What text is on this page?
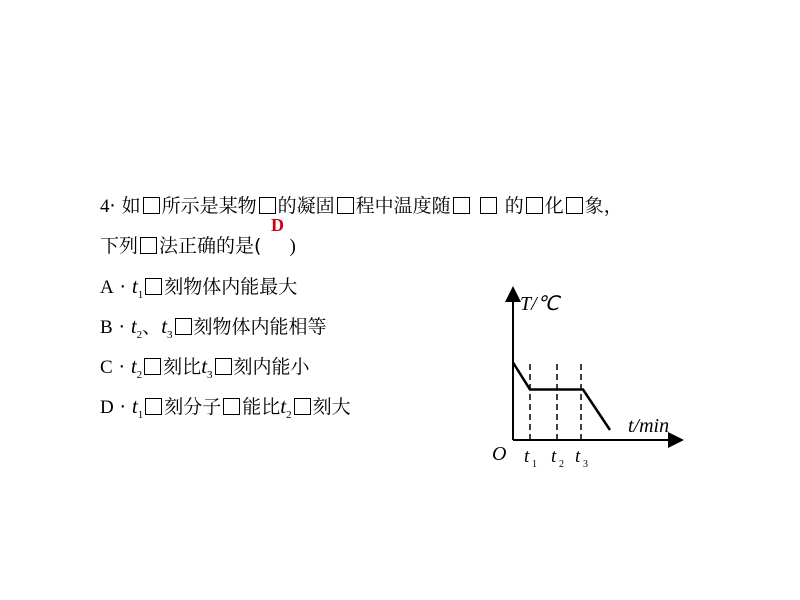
4· 如 所示是某物 的凝固 程中温度随	的 化 象，
D
下列 法正确的是( )
$A \cdot t_1$ 刻物体内能最大
$B \cdot t_2$、$t_3$ 刻物体内能相等
$C \cdot t_2$ 刻比$t_3$ 刻内能小
$D \cdot t_1$ 刻分子 能比$t_2$ 刻大
T/℃
t/min
O t 1 t 2 t 3
